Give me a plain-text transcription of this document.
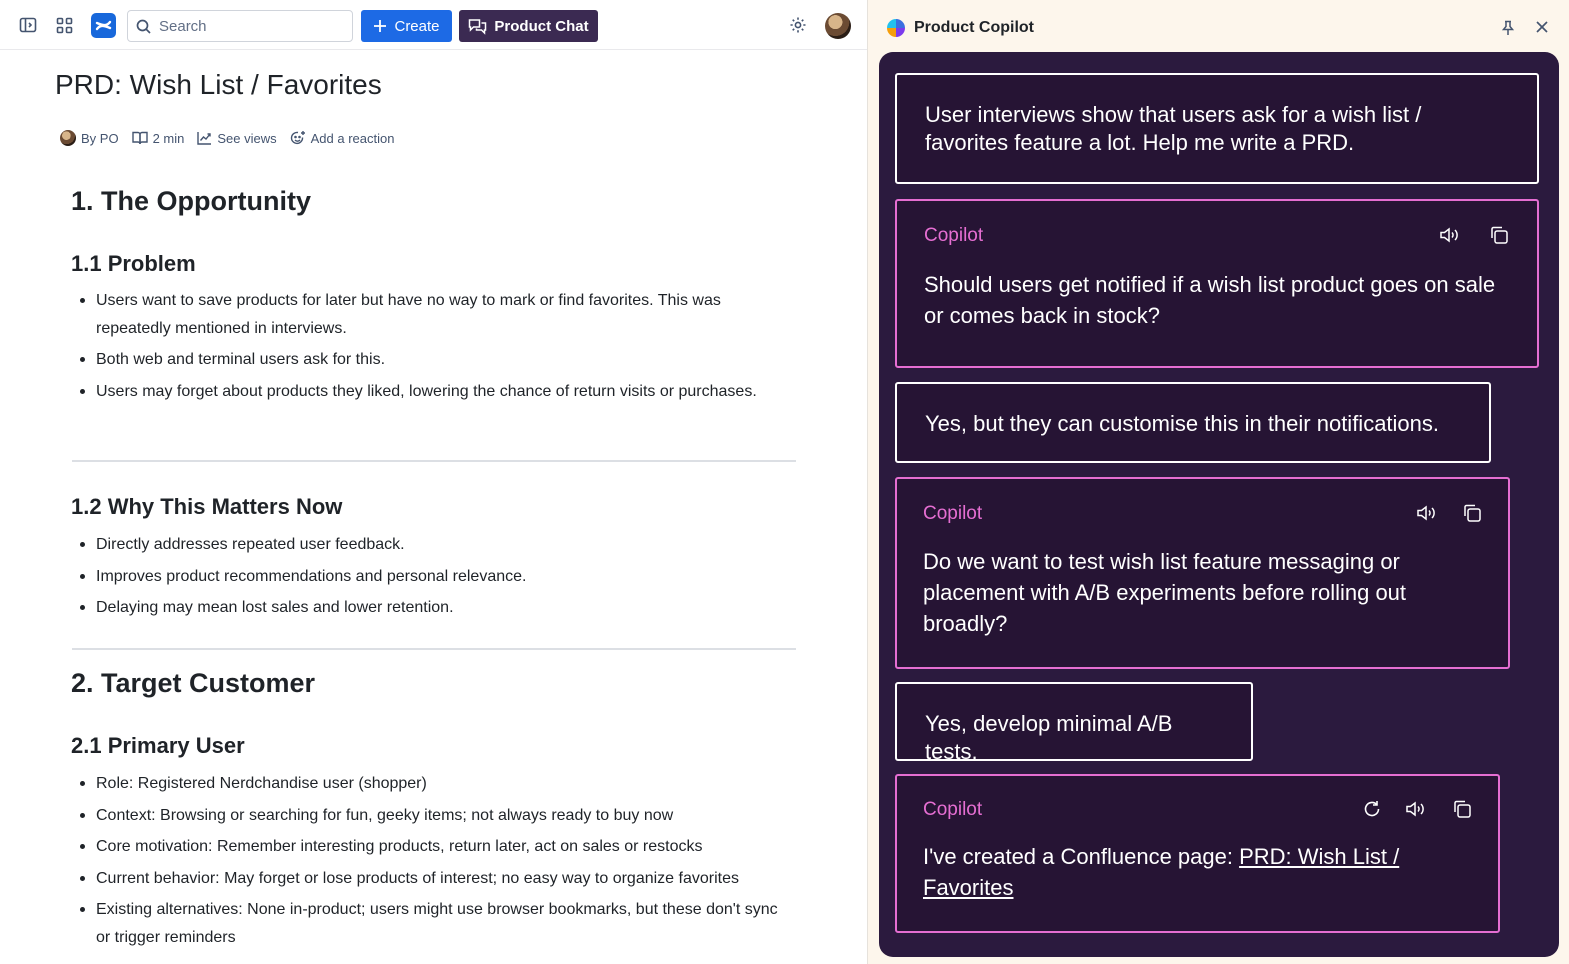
Search
Create	Product Chat
PRD: Wish List / Favorites
By PO	2 min	See views	Add a reaction
1. The Opportunity
1.1 Problem
Users want to save products for later but have no way to mark or find favorites. This was repeatedly mentioned in interviews.
Both web and terminal users ask for this.
Users may forget about products they liked, lowering the chance of return visits or purchases.
1.2 Why This Matters Now
Directly addresses repeated user feedback.
Improves product recommendations and personal relevance.
Delaying may mean lost sales and lower retention.
2. Target Customer
2.1 Primary User
Role: Registered Nerdchandise user (shopper)
Context: Browsing or searching for fun, geeky items; not always ready to buy now
Core motivation: Remember interesting products, return later, act on sales or restocks
Current behavior: May forget or lose products of interest; no easy way to organize favorites
Existing alternatives: None in-product; users might use browser bookmarks, but these don't sync or trigger reminders
Product Copilot
User interviews show that users ask for a wish list / favorites feature a lot. Help me write a PRD.
Copilot
Should users get notified if a wish list product goes on sale or comes back in stock?
Yes, but they can customise this in their notifications.
Copilot
Do we want to test wish list feature messaging or placement with A/B experiments before rolling out broadly?
Yes, develop minimal A/B tests.
Copilot
I've created a Confluence page: PRD: Wish List / Favorites
